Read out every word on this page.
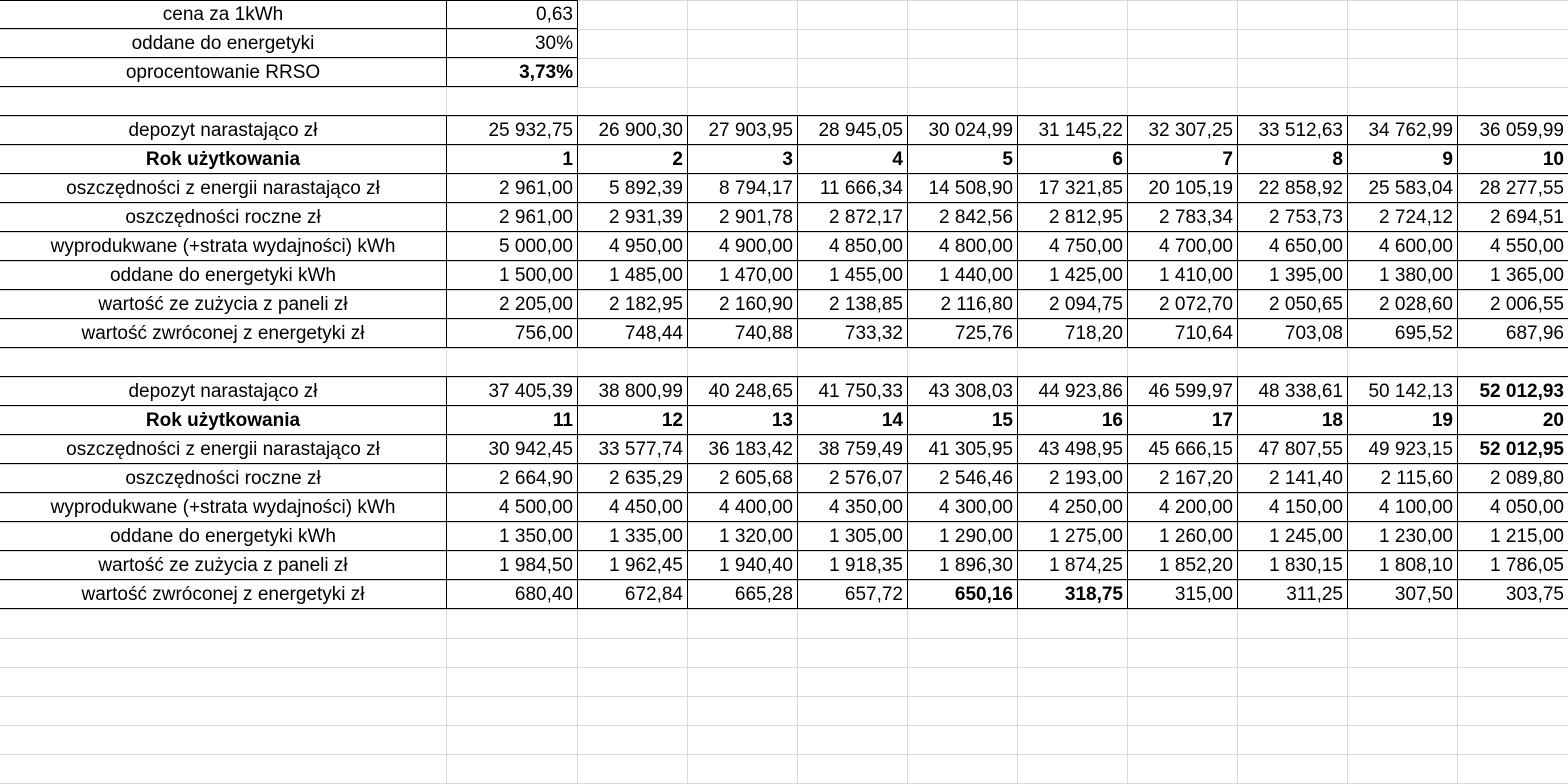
cena za 1kWh	0,63
oddane do energetyki	30%
oprocentowanie RRSO	3,73%
depozyt narastająco zł	25 932,75	26 900,30	27 903,95	28 945,05	30 024,99	31 145,22	32 307,25	33 512,63	34 762,99	36 059,99
Rok użytkowania	1	2	3	4	5	6	7	8	9	10
oszczędności z energii narastająco zł	2 961,00	5 892,39	8 794,17	11 666,34	14 508,90	17 321,85	20 105,19	22 858,92	25 583,04	28 277,55
oszczędności roczne zł	2 961,00	2 931,39	2 901,78	2 872,17	2 842,56	2 812,95	2 783,34	2 753,73	2 724,12	2 694,51
wyprodukwane (+strata wydajności) kWh	5 000,00	4 950,00	4 900,00	4 850,00	4 800,00	4 750,00	4 700,00	4 650,00	4 600,00	4 550,00
oddane do energetyki kWh	1 500,00	1 485,00	1 470,00	1 455,00	1 440,00	1 425,00	1 410,00	1 395,00	1 380,00	1 365,00
wartość ze zużycia z paneli zł	2 205,00	2 182,95	2 160,90	2 138,85	2 116,80	2 094,75	2 072,70	2 050,65	2 028,60	2 006,55
wartość zwróconej z energetyki zł	756,00	748,44	740,88	733,32	725,76	718,20	710,64	703,08	695,52	687,96
depozyt narastająco zł	37 405,39	38 800,99	40 248,65	41 750,33	43 308,03	44 923,86	46 599,97	48 338,61	50 142,13	52 012,93
Rok użytkowania	11	12	13	14	15	16	17	18	19	20
oszczędności z energii narastająco zł	30 942,45	33 577,74	36 183,42	38 759,49	41 305,95	43 498,95	45 666,15	47 807,55	49 923,15	52 012,95
oszczędności roczne zł	2 664,90	2 635,29	2 605,68	2 576,07	2 546,46	2 193,00	2 167,20	2 141,40	2 115,60	2 089,80
wyprodukwane (+strata wydajności) kWh	4 500,00	4 450,00	4 400,00	4 350,00	4 300,00	4 250,00	4 200,00	4 150,00	4 100,00	4 050,00
oddane do energetyki kWh	1 350,00	1 335,00	1 320,00	1 305,00	1 290,00	1 275,00	1 260,00	1 245,00	1 230,00	1 215,00
wartość ze zużycia z paneli zł	1 984,50	1 962,45	1 940,40	1 918,35	1 896,30	1 874,25	1 852,20	1 830,15	1 808,10	1 786,05
wartość zwróconej z energetyki zł	680,40	672,84	665,28	657,72	650,16	318,75	315,00	311,25	307,50	303,75
